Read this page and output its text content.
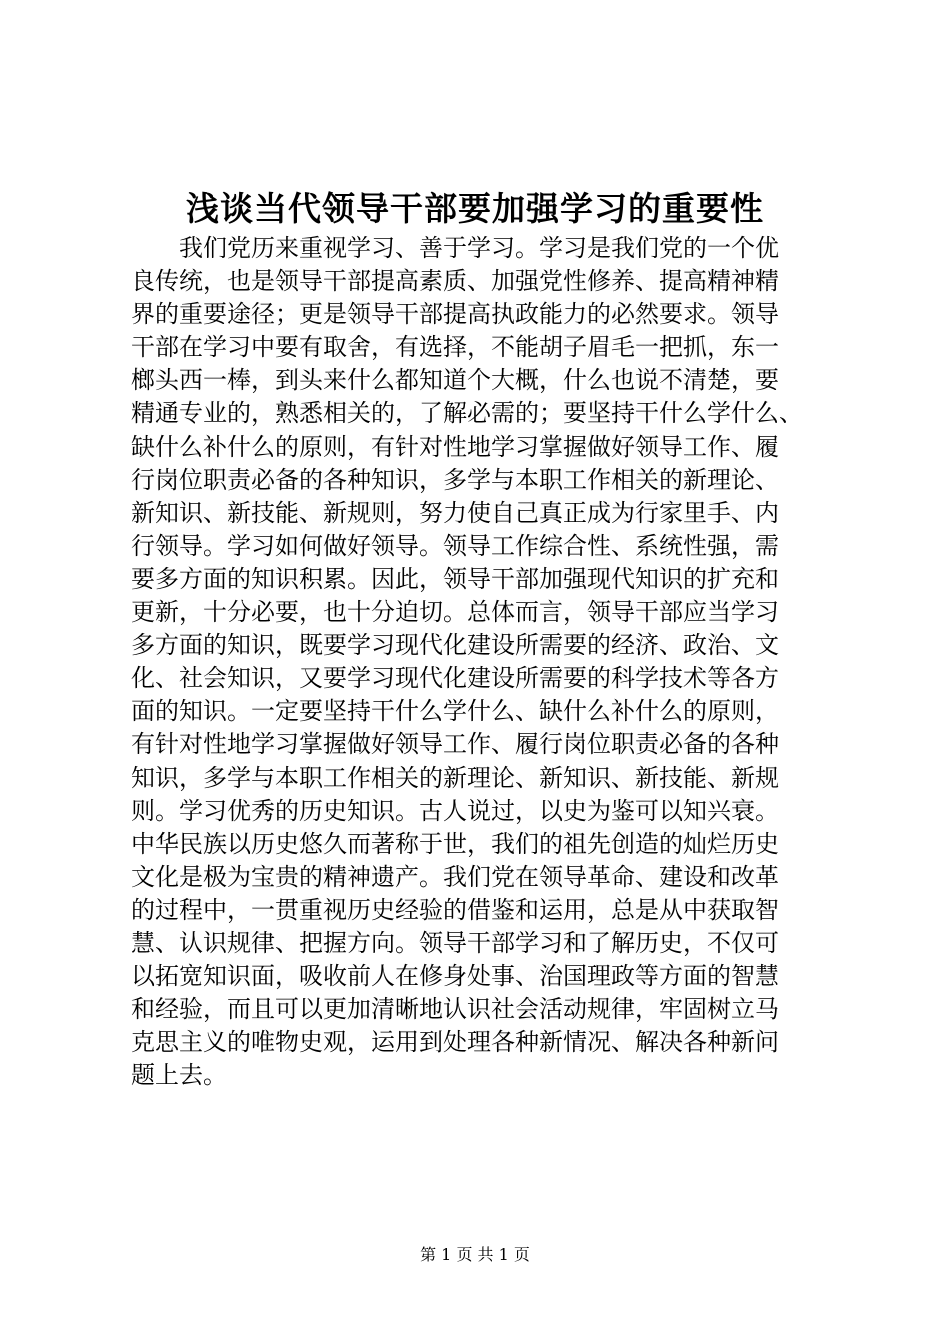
浅谈当代领导干部要加强学习的重要性
　　我们党历来重视学习、善于学习。学习是我们党的一个优
良传统，也是领导干部提高素质、加强党性修养、提高精神精
界的重要途径；更是领导干部提高执政能力的必然要求。领导
干部在学习中要有取舍，有选择，不能胡子眉毛一把抓，东一
榔头西一棒，到头来什么都知道个大概，什么也说不清楚，要
精通专业的，熟悉相关的，了解必需的；要坚持干什么学什么、
缺什么补什么的原则，有针对性地学习掌握做好领导工作、履
行岗位职责必备的各种知识，多学与本职工作相关的新理论、
新知识、新技能、新规则，努力使自己真正成为行家里手、内
行领导。学习如何做好领导。领导工作综合性、系统性强，需
要多方面的知识积累。因此，领导干部加强现代知识的扩充和
更新，十分必要，也十分迫切。总体而言，领导干部应当学习
多方面的知识，既要学习现代化建设所需要的经济、政治、文
化、社会知识，又要学习现代化建设所需要的科学技术等各方
面的知识。一定要坚持干什么学什么、缺什么补什么的原则，
有针对性地学习掌握做好领导工作、履行岗位职责必备的各种
知识，多学与本职工作相关的新理论、新知识、新技能、新规
则。学习优秀的历史知识。古人说过，以史为鉴可以知兴衰。
中华民族以历史悠久而著称于世，我们的祖先创造的灿烂历史
文化是极为宝贵的精神遗产。我们党在领导革命、建设和改革
的过程中，一贯重视历史经验的借鉴和运用，总是从中获取智
慧、认识规律、把握方向。领导干部学习和了解历史，不仅可
以拓宽知识面，吸收前人在修身处事、治国理政等方面的智慧
和经验，而且可以更加清晰地认识社会活动规律，牢固树立马
克思主义的唯物史观，运用到处理各种新情况、解决各种新问
题上去。
第 1 页 共 1 页
